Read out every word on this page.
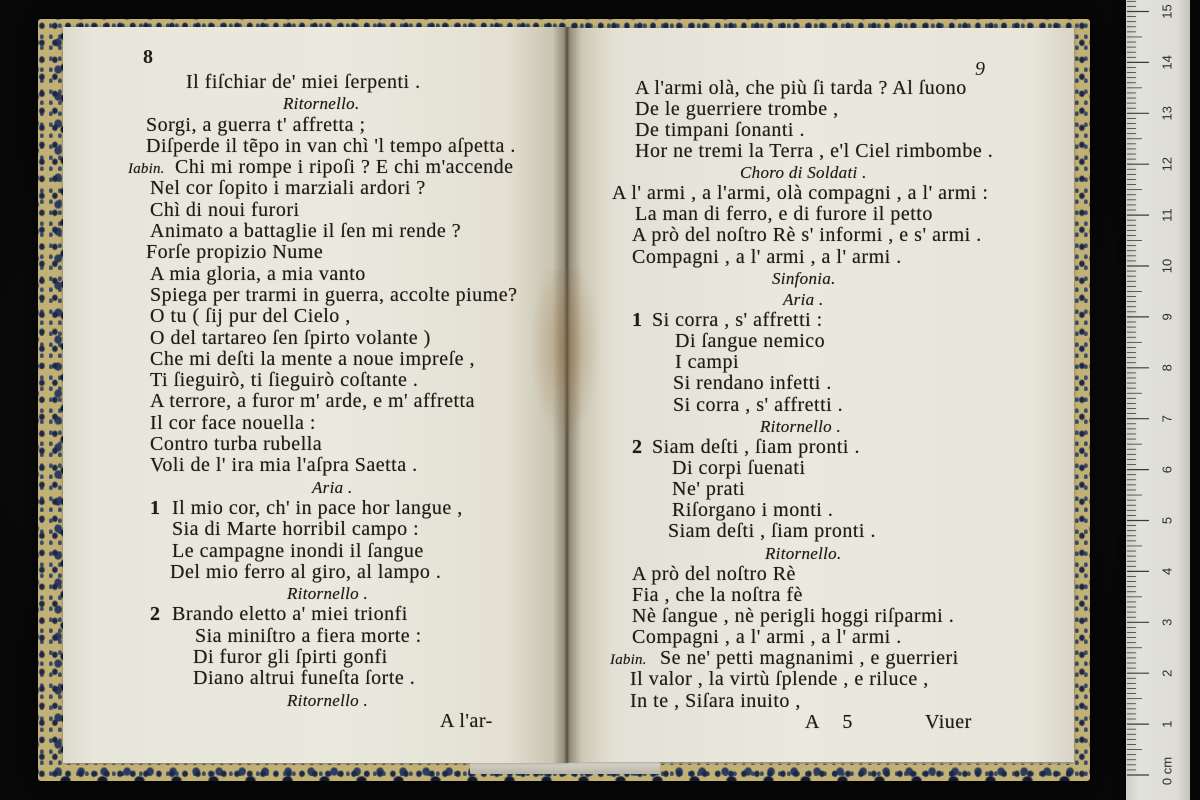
8
9
Il fiſchiar de' miei ſerpenti .
Ritornello.
Sorgi, a guerra t' affretta ;
Diſperde il tẽpo in van chì 'l tempo aſpetta .
Iabin. Chi mi rompe i ripoſi ? E chi m'accende
Nel cor ſopito i marziali ardori ?
Chì di noui furori
Animato a battaglie il ſen mi rende ?
Forſe propizio Nume
A mia gloria, a mia vanto
Spiega per trarmi in guerra, accolte piume?
O tu ( ſij pur del Cielo ,
O del tartareo ſen ſpirto volante )
Che mi deſti la mente a noue impreſe ,
Ti ſieguirò, ti ſieguirò coſtante .
A terrore, a furor m' arde, e m' affretta
Il cor face nouella :
Contro turba rubella
Voli de l' ira mia l'aſpra Saetta .
Aria .
1 Il mio cor, ch' in pace hor langue ,
Sia di Marte horribil campo :
Le campagne inondi il ſangue
Del mio ferro al giro, al lampo .
Ritornello .
2 Brando eletto a' miei trionfi
Sia miniſtro a fiera morte :
Di furor gli ſpirti gonfi
Diano altrui funeſta ſorte .
Ritornello .
A l'ar-
A l'armi olà, che più ſi tarda ? Al ſuono
De le guerriere trombe ,
De timpani ſonanti .
Hor ne tremi la Terra , e'l Ciel rimbombe .
Choro di Soldati .
A l' armi , a l'armi, olà compagni , a l' armi :
La man di ferro, e di furore il petto
A prò del noſtro Rè s' informi , e s' armi .
Compagni , a l' armi , a l' armi .
Sinfonia.
Aria .
1 Si corra , s' affretti :
Di ſangue nemico
I campi
Si rendano infetti .
Si corra , s' affretti .
Ritornello .
2 Siam deſti , ſiam pronti .
Di corpi ſuenati
Ne' prati
Riſorgano i monti .
Siam deſti , ſiam pronti .
Ritornello.
A prò del noſtro Rè
Fia , che la noſtra fè
Nè ſangue , nè perigli hoggi riſparmi .
Compagni , a l' armi , a l' armi .
Iabin. Se ne' petti magnanimi , e guerrieri
Il valor , la virtù ſplende , e riluce ,
In te , Siſara inuito ,
A 5	Viuer
15
14
13
12
11
10
9
8
7
6
5
4
3
2
1
0 cm
